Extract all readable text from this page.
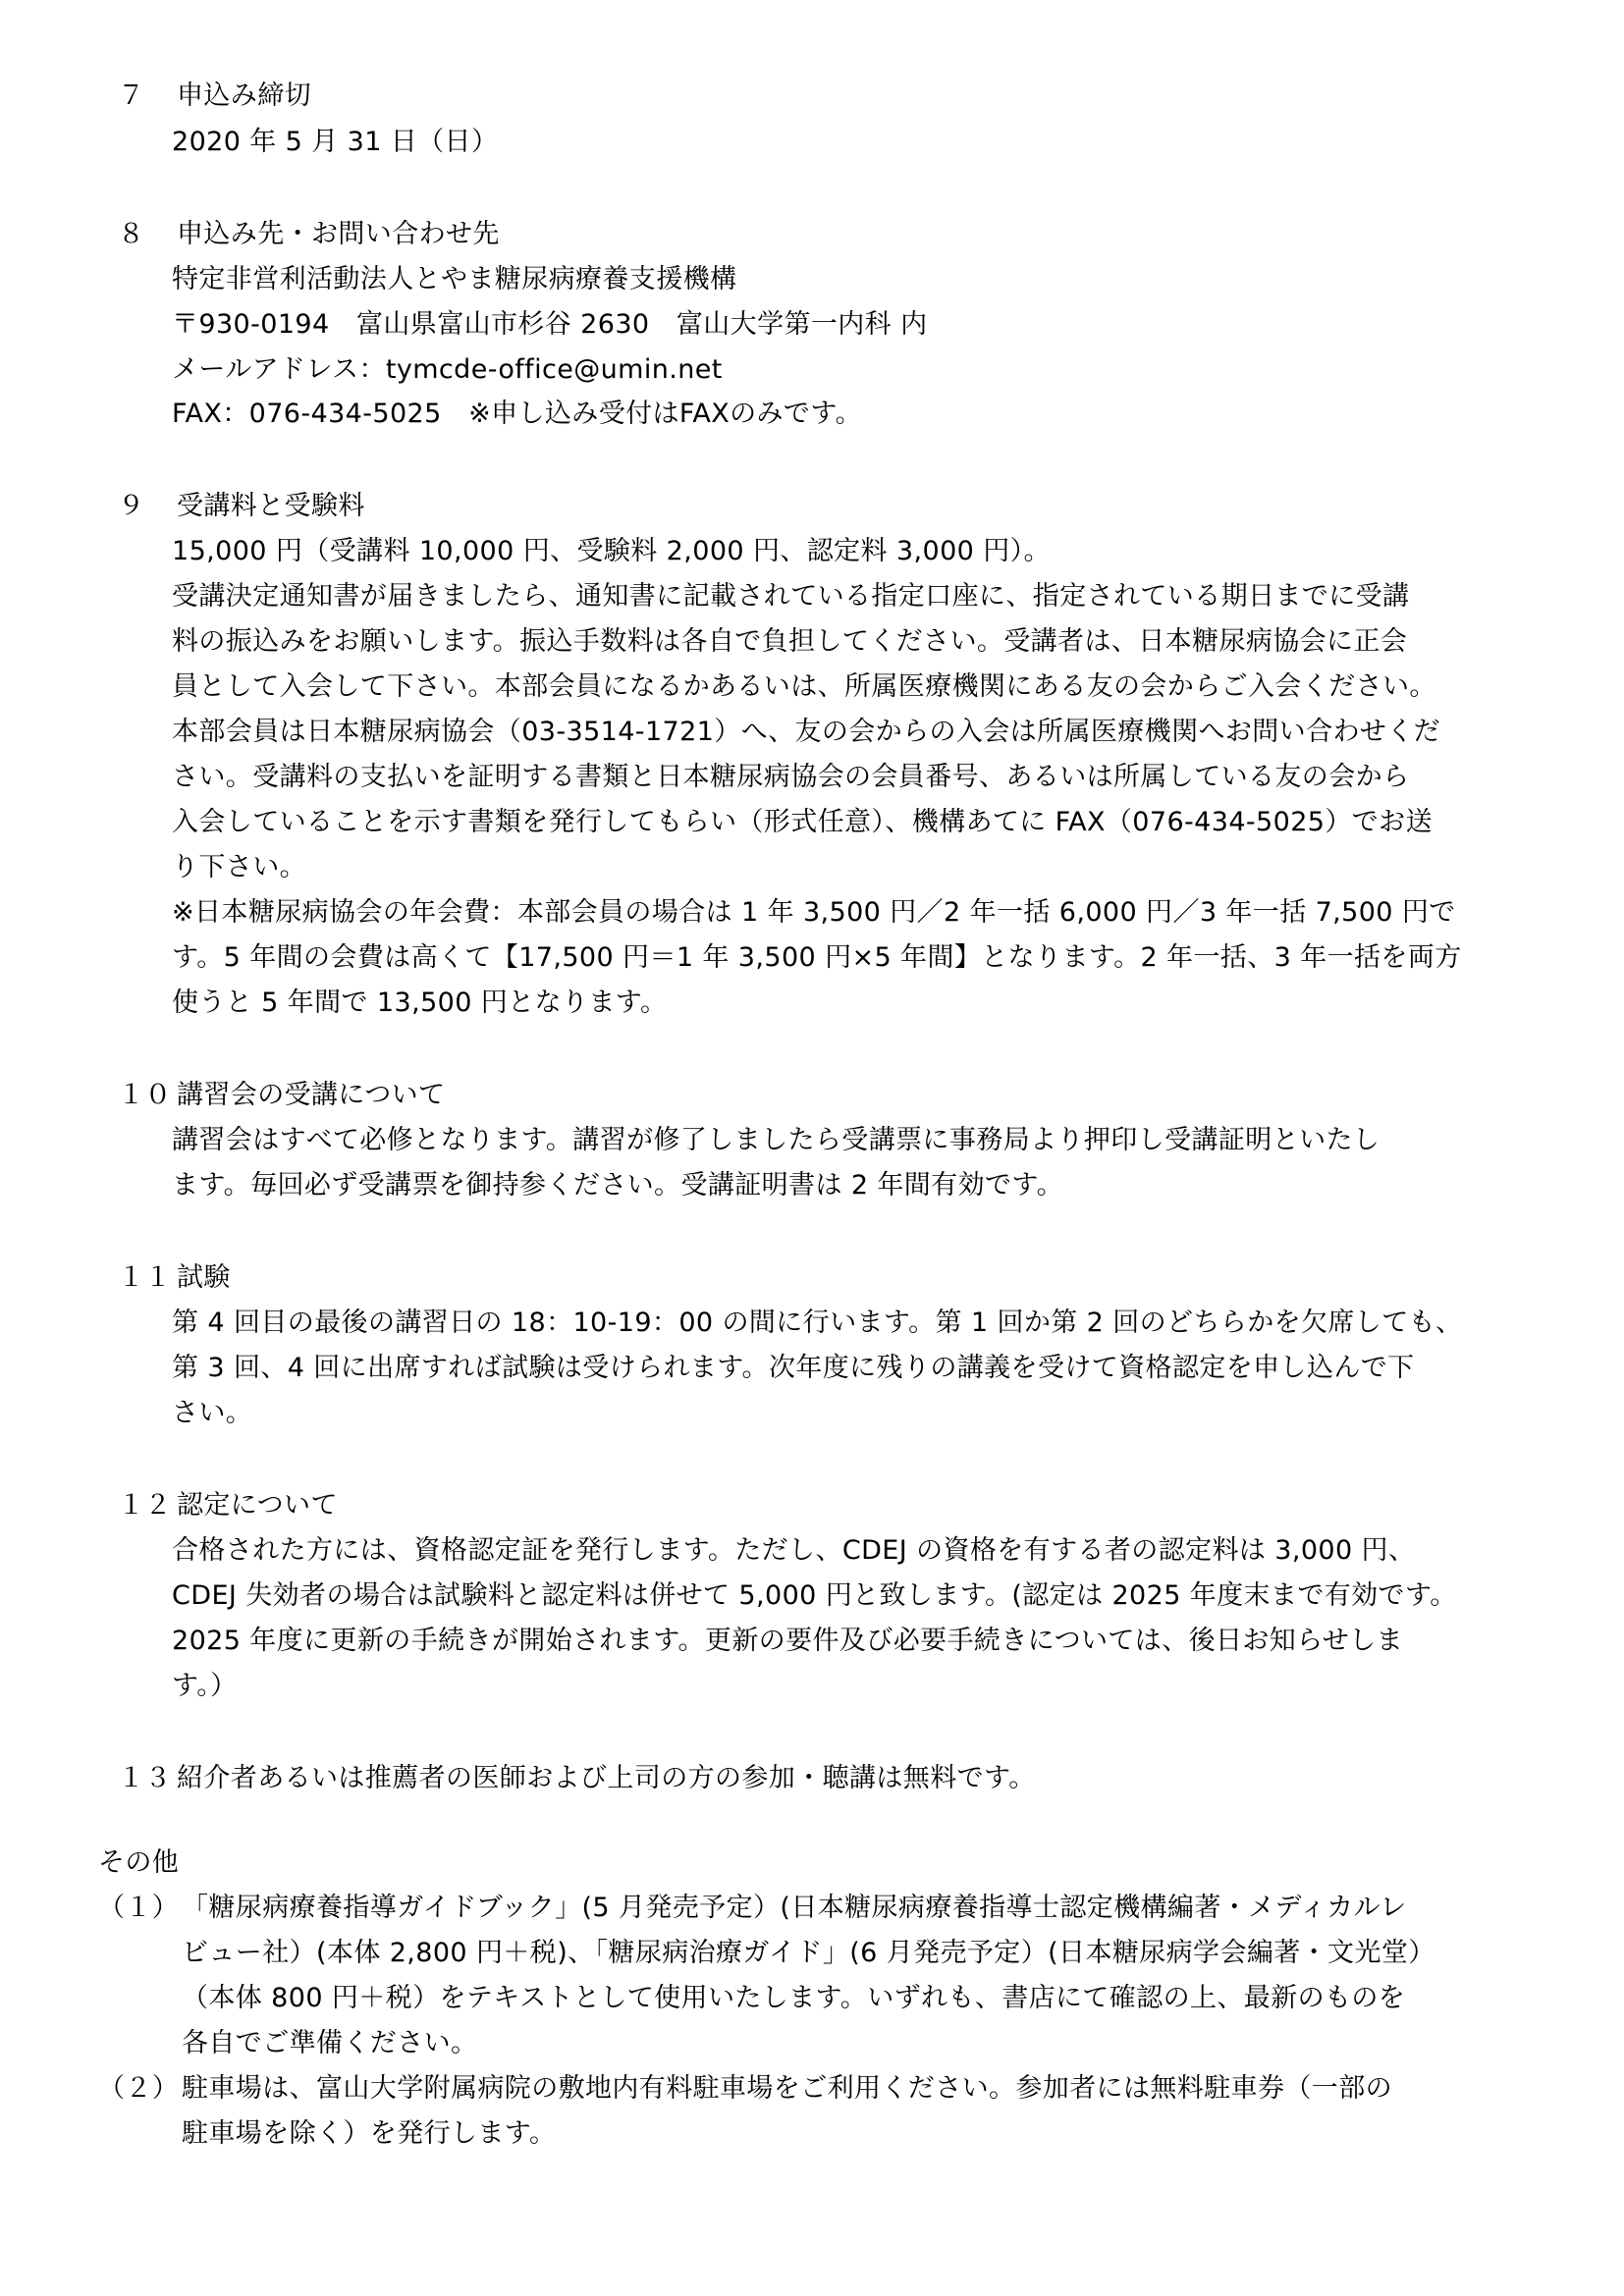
７ 申込み締切
2020 年 5 月 31 日（日）
８ 申込み先・お問い合わせ先
特定非営利活動法人とやま糖尿病療養支援機構
〒930-0194　富山県富山市杉谷 2630　富山大学第一内科 内
メールアドレス：tymcde-office@umin.net
FAX：076-434-5025　※申し込み受付はFAXのみです。
９ 受講料と受験料
15,000 円（受講料 10,000 円、受験料 2,000 円、認定料 3,000 円）。
受講決定通知書が届きましたら、通知書に記載されている指定口座に、指定されている期日までに受講
料の振込みをお願いします。振込手数料は各自で負担してください。受講者は、日本糖尿病協会に正会
員として入会して下さい。本部会員になるかあるいは、所属医療機関にある友の会からご入会ください。
本部会員は日本糖尿病協会（03-3514-1721）へ、友の会からの入会は所属医療機関へお問い合わせくだ
さい。受講料の支払いを証明する書類と日本糖尿病協会の会員番号、あるいは所属している友の会から
入会していることを示す書類を発行してもらい（形式任意）、機構あてに FAX（076-434-5025）でお送
り下さい。
※日本糖尿病協会の年会費：本部会員の場合は 1 年 3,500 円／2 年一括 6,000 円／3 年一括 7,500 円で
す。5 年間の会費は高くて【17,500 円＝1 年 3,500 円×5 年間】となります。2 年一括、3 年一括を両方
使うと 5 年間で 13,500 円となります。
１０ 講習会の受講について
講習会はすべて必修となります。講習が修了しましたら受講票に事務局より押印し受講証明といたし
ます。毎回必ず受講票を御持参ください。受講証明書は 2 年間有効です。
１１ 試験
第 4 回目の最後の講習日の 18：10-19：00 の間に行います。第 1 回か第 2 回のどちらかを欠席しても、
第 3 回、4 回に出席すれば試験は受けられます。次年度に残りの講義を受けて資格認定を申し込んで下
さい。
１２ 認定について
合格された方には、資格認定証を発行します。ただし、CDEJ の資格を有する者の認定料は 3,000 円、
CDEJ 失効者の場合は試験料と認定料は併せて 5,000 円と致します。(認定は 2025 年度末まで有効です。
2025 年度に更新の手続きが開始されます。更新の要件及び必要手続きについては、後日お知らせしま
す。）
１３ 紹介者あるいは推薦者の医師および上司の方の参加・聴講は無料です。
その他
（１） 「糖尿病療養指導ガイドブック」(5 月発売予定）(日本糖尿病療養指導士認定機構編著・メディカルレ
ビュー社）(本体 2,800 円＋税)、「糖尿病治療ガイド」(6 月発売予定）(日本糖尿病学会編著・文光堂）
（本体 800 円＋税）をテキストとして使用いたします。いずれも、書店にて確認の上、最新のものを
各自でご準備ください。
（２） 駐車場は、富山大学附属病院の敷地内有料駐車場をご利用ください。参加者には無料駐車券（一部の
駐車場を除く）を発行します。
